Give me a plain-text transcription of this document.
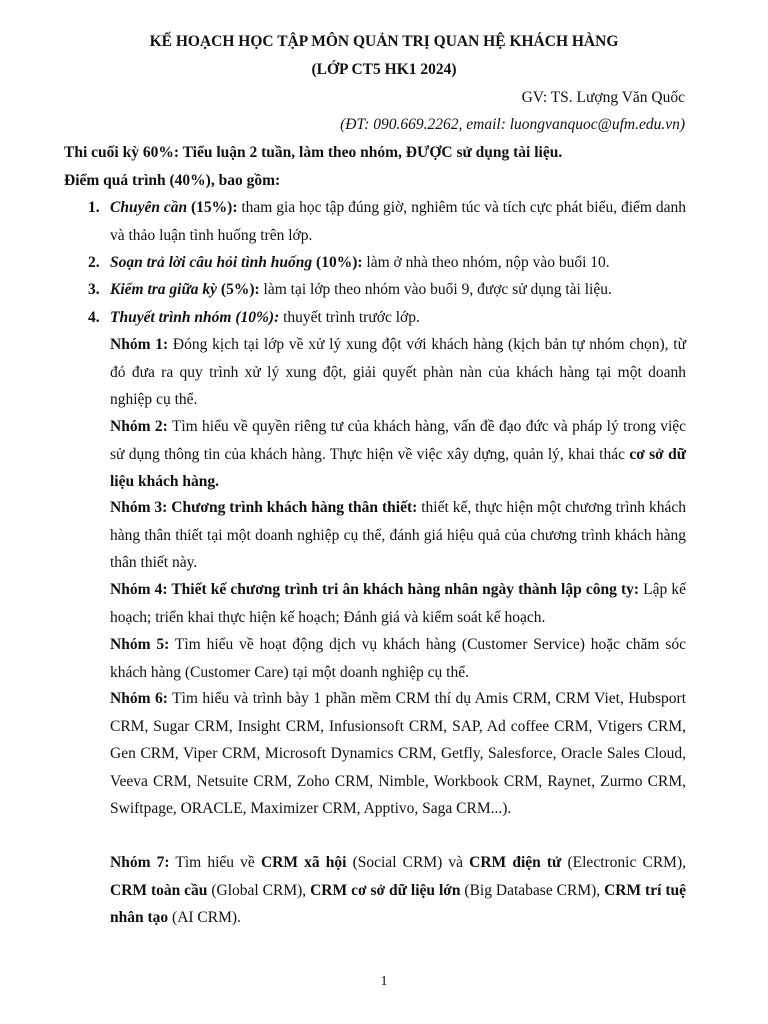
KẾ HOẠCH HỌC TẬP MÔN QUẢN TRỊ QUAN HỆ KHÁCH HÀNG
(LỚP CT5 HK1 2024)
GV: TS. Lượng Văn Quốc
(ĐT: 090.669.2262, email: luongvanquoc@ufm.edu.vn)
Thi cuối kỳ 60%: Tiểu luận 2 tuần, làm theo nhóm, ĐƯỢC sử dụng tài liệu.
Điểm quá trình (40%), bao gồm:
1. Chuyên cần (15%): tham gia học tập đúng giờ, nghiêm túc và tích cực phát biểu, điểm danh và thảo luận tình huống trên lớp.
2. Soạn trả lời câu hỏi tình huống (10%): làm ở nhà theo nhóm, nộp vào buổi 10.
3. Kiểm tra giữa kỳ (5%): làm tại lớp theo nhóm vào buổi 9, được sử dụng tài liệu.
4. Thuyết trình nhóm (10%): thuyết trình trước lớp.
Nhóm 1: Đóng kịch tại lớp về xử lý xung đột với khách hàng (kịch bản tự nhóm chọn), từ đó đưa ra quy trình xử lý xung đột, giải quyết phàn nàn của khách hàng tại một doanh nghiệp cụ thể.
Nhóm 2: Tìm hiểu về quyền riêng tư của khách hàng, vấn đề đạo đức và pháp lý trong việc sử dụng thông tin của khách hàng. Thực hiện về việc xây dựng, quản lý, khai thác cơ sở dữ liệu khách hàng.
Nhóm 3: Chương trình khách hàng thân thiết: thiết kế, thực hiện một chương trình khách hàng thân thiết tại một doanh nghiệp cụ thể, đánh giá hiệu quả của chương trình khách hàng thân thiết này.
Nhóm 4: Thiết kế chương trình tri ân khách hàng nhân ngày thành lập công ty: Lập kế hoạch; triển khai thực hiện kế hoạch; Đánh giá và kiểm soát kế hoạch.
Nhóm 5: Tìm hiểu về hoạt động dịch vụ khách hàng (Customer Service) hoặc chăm sóc khách hàng (Customer Care) tại một doanh nghiệp cụ thể.
Nhóm 6: Tìm hiểu và trình bày 1 phần mềm CRM thí dụ Amis CRM, CRM Viet, Hubsport CRM, Sugar CRM, Insight CRM, Infusionsoft CRM, SAP, Ad coffee CRM, Vtigers CRM, Gen CRM, Viper CRM, Microsoft Dynamics CRM, Getfly, Salesforce, Oracle Sales Cloud, Veeva CRM, Netsuite CRM, Zoho CRM, Nimble, Workbook CRM, Raynet, Zurmo CRM, Swiftpage, ORACLE, Maximizer CRM, Apptivo, Saga CRM...).
Nhóm 7: Tìm hiểu về CRM xã hội (Social CRM) và CRM điện tử (Electronic CRM), CRM toàn cầu (Global CRM), CRM cơ sở dữ liệu lớn (Big Database CRM), CRM trí tuệ nhân tạo (AI CRM).
1
